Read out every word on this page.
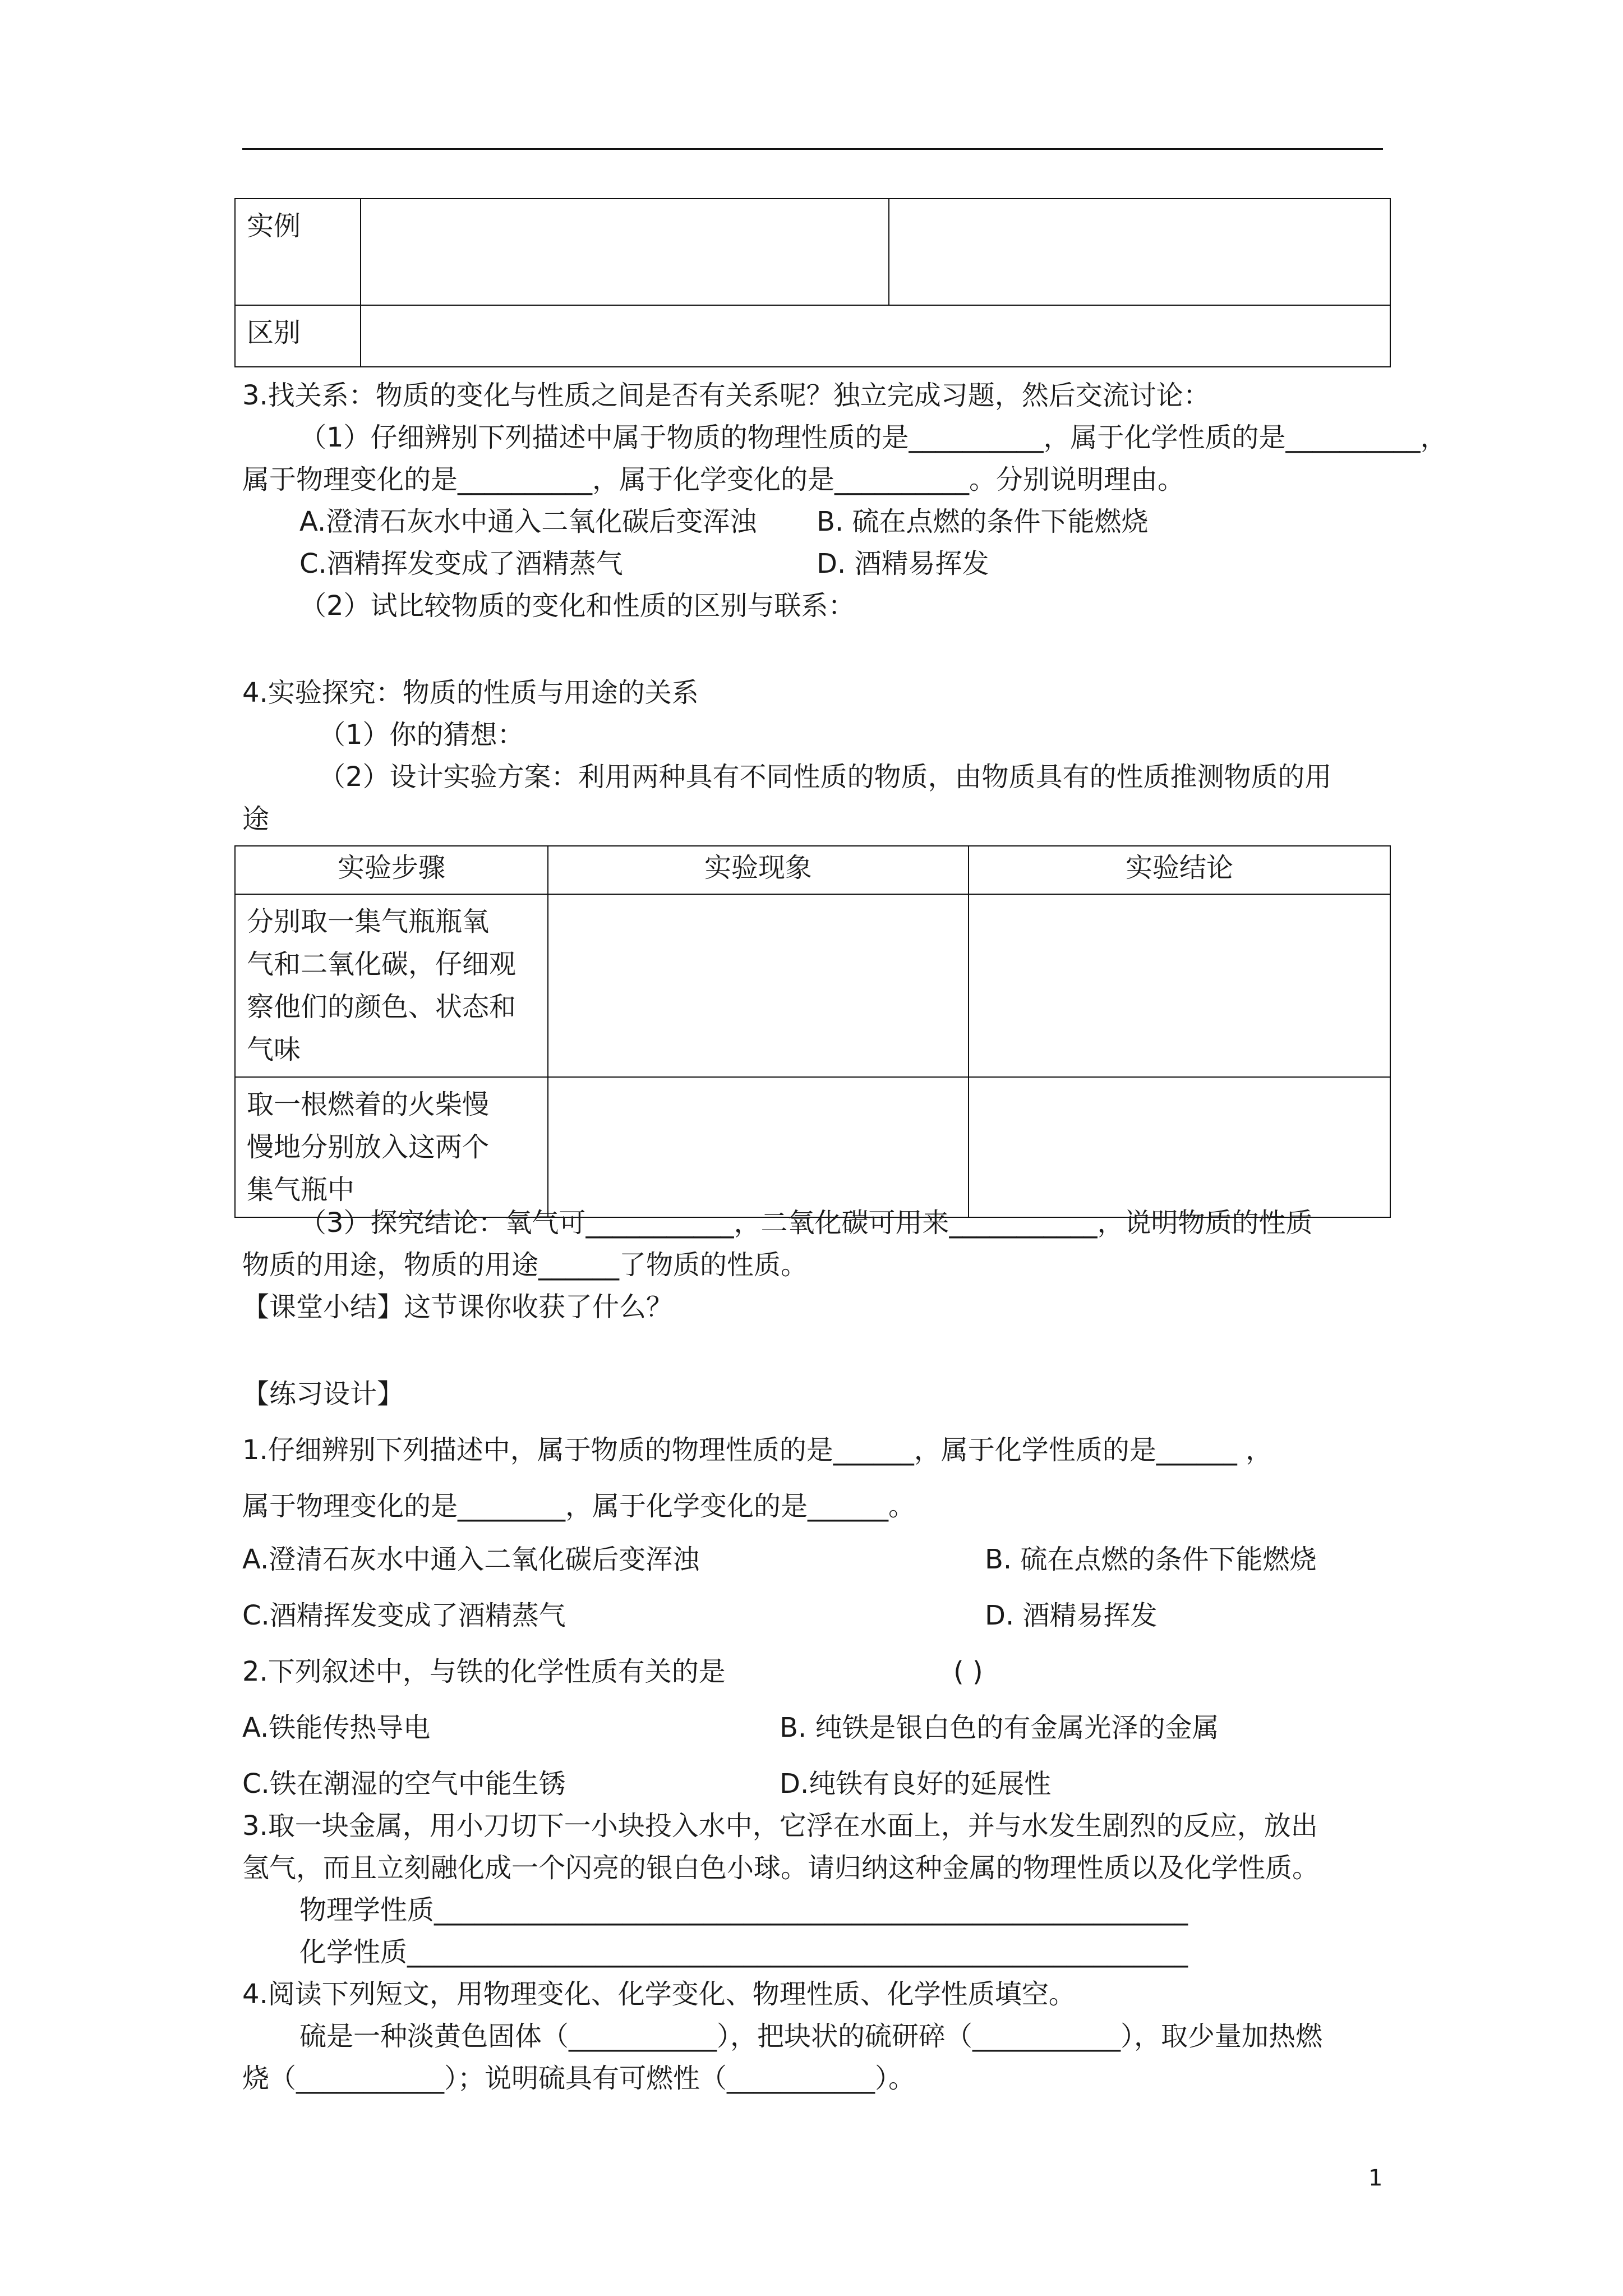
实例		
区别		
3.找关系：物质的变化与性质之间是否有关系呢？独立完成习题，然后交流讨论：
（1）仔细辨别下列描述中属于物质的物理性质的是__________，属于化学性质的是__________，
属于物理变化的是__________，属于化学变化的是__________。分别说明理由。
A.澄清石灰水中通入二氧化碳后变浑浊 B. 硫在点燃的条件下能燃烧
C.酒精挥发变成了酒精蒸气	D. 酒精易挥发
（2）试比较物质的变化和性质的区别与联系：
4.实验探究：物质的性质与用途的关系
（1）你的猜想：
（2）设计实验方案：利用两种具有不同性质的物质，由物质具有的性质推测物质的用
途
实验步骤	实验现象	实验结论

分别取一集气瓶瓶氧
气和二氧化碳，仔细观
察他们的颜色、状态和
气味		

取一根燃着的火柴慢
慢地分别放入这两个
集气瓶中		

（3）探究结论：氧气可___________，二氧化碳可用来___________，说明物质的性质
物质的用途，物质的用途______了物质的性质。
【课堂小结】这节课你收获了什么？
【练习设计】
1.仔细辨别下列描述中，属于物质的物理性质的是______，属于化学性质的是______ ，
属于物理变化的是________，属于化学变化的是______。
A.澄清石灰水中通入二氧化碳后变浑浊	B. 硫在点燃的条件下能燃烧
C.酒精挥发变成了酒精蒸气	D. 酒精易挥发
2.下列叙述中，与铁的化学性质有关的是	( )
A.铁能传热导电	B. 纯铁是银白色的有金属光泽的金属
C.铁在潮湿的空气中能生锈	D.纯铁有良好的延展性
3.取一块金属，用小刀切下一小块投入水中，它浮在水面上，并与水发生剧烈的反应，放出
氢气，而且立刻融化成一个闪亮的银白色小球。请归纳这种金属的物理性质以及化学性质。
物理学性质________________________________________________________
化学性质__________________________________________________________
4.阅读下列短文，用物理变化、化学变化、物理性质、化学性质填空。
硫是一种淡黄色固体（___________），把块状的硫研碎（___________），取少量加热燃
烧（___________）；说明硫具有可燃性（___________）。
1
